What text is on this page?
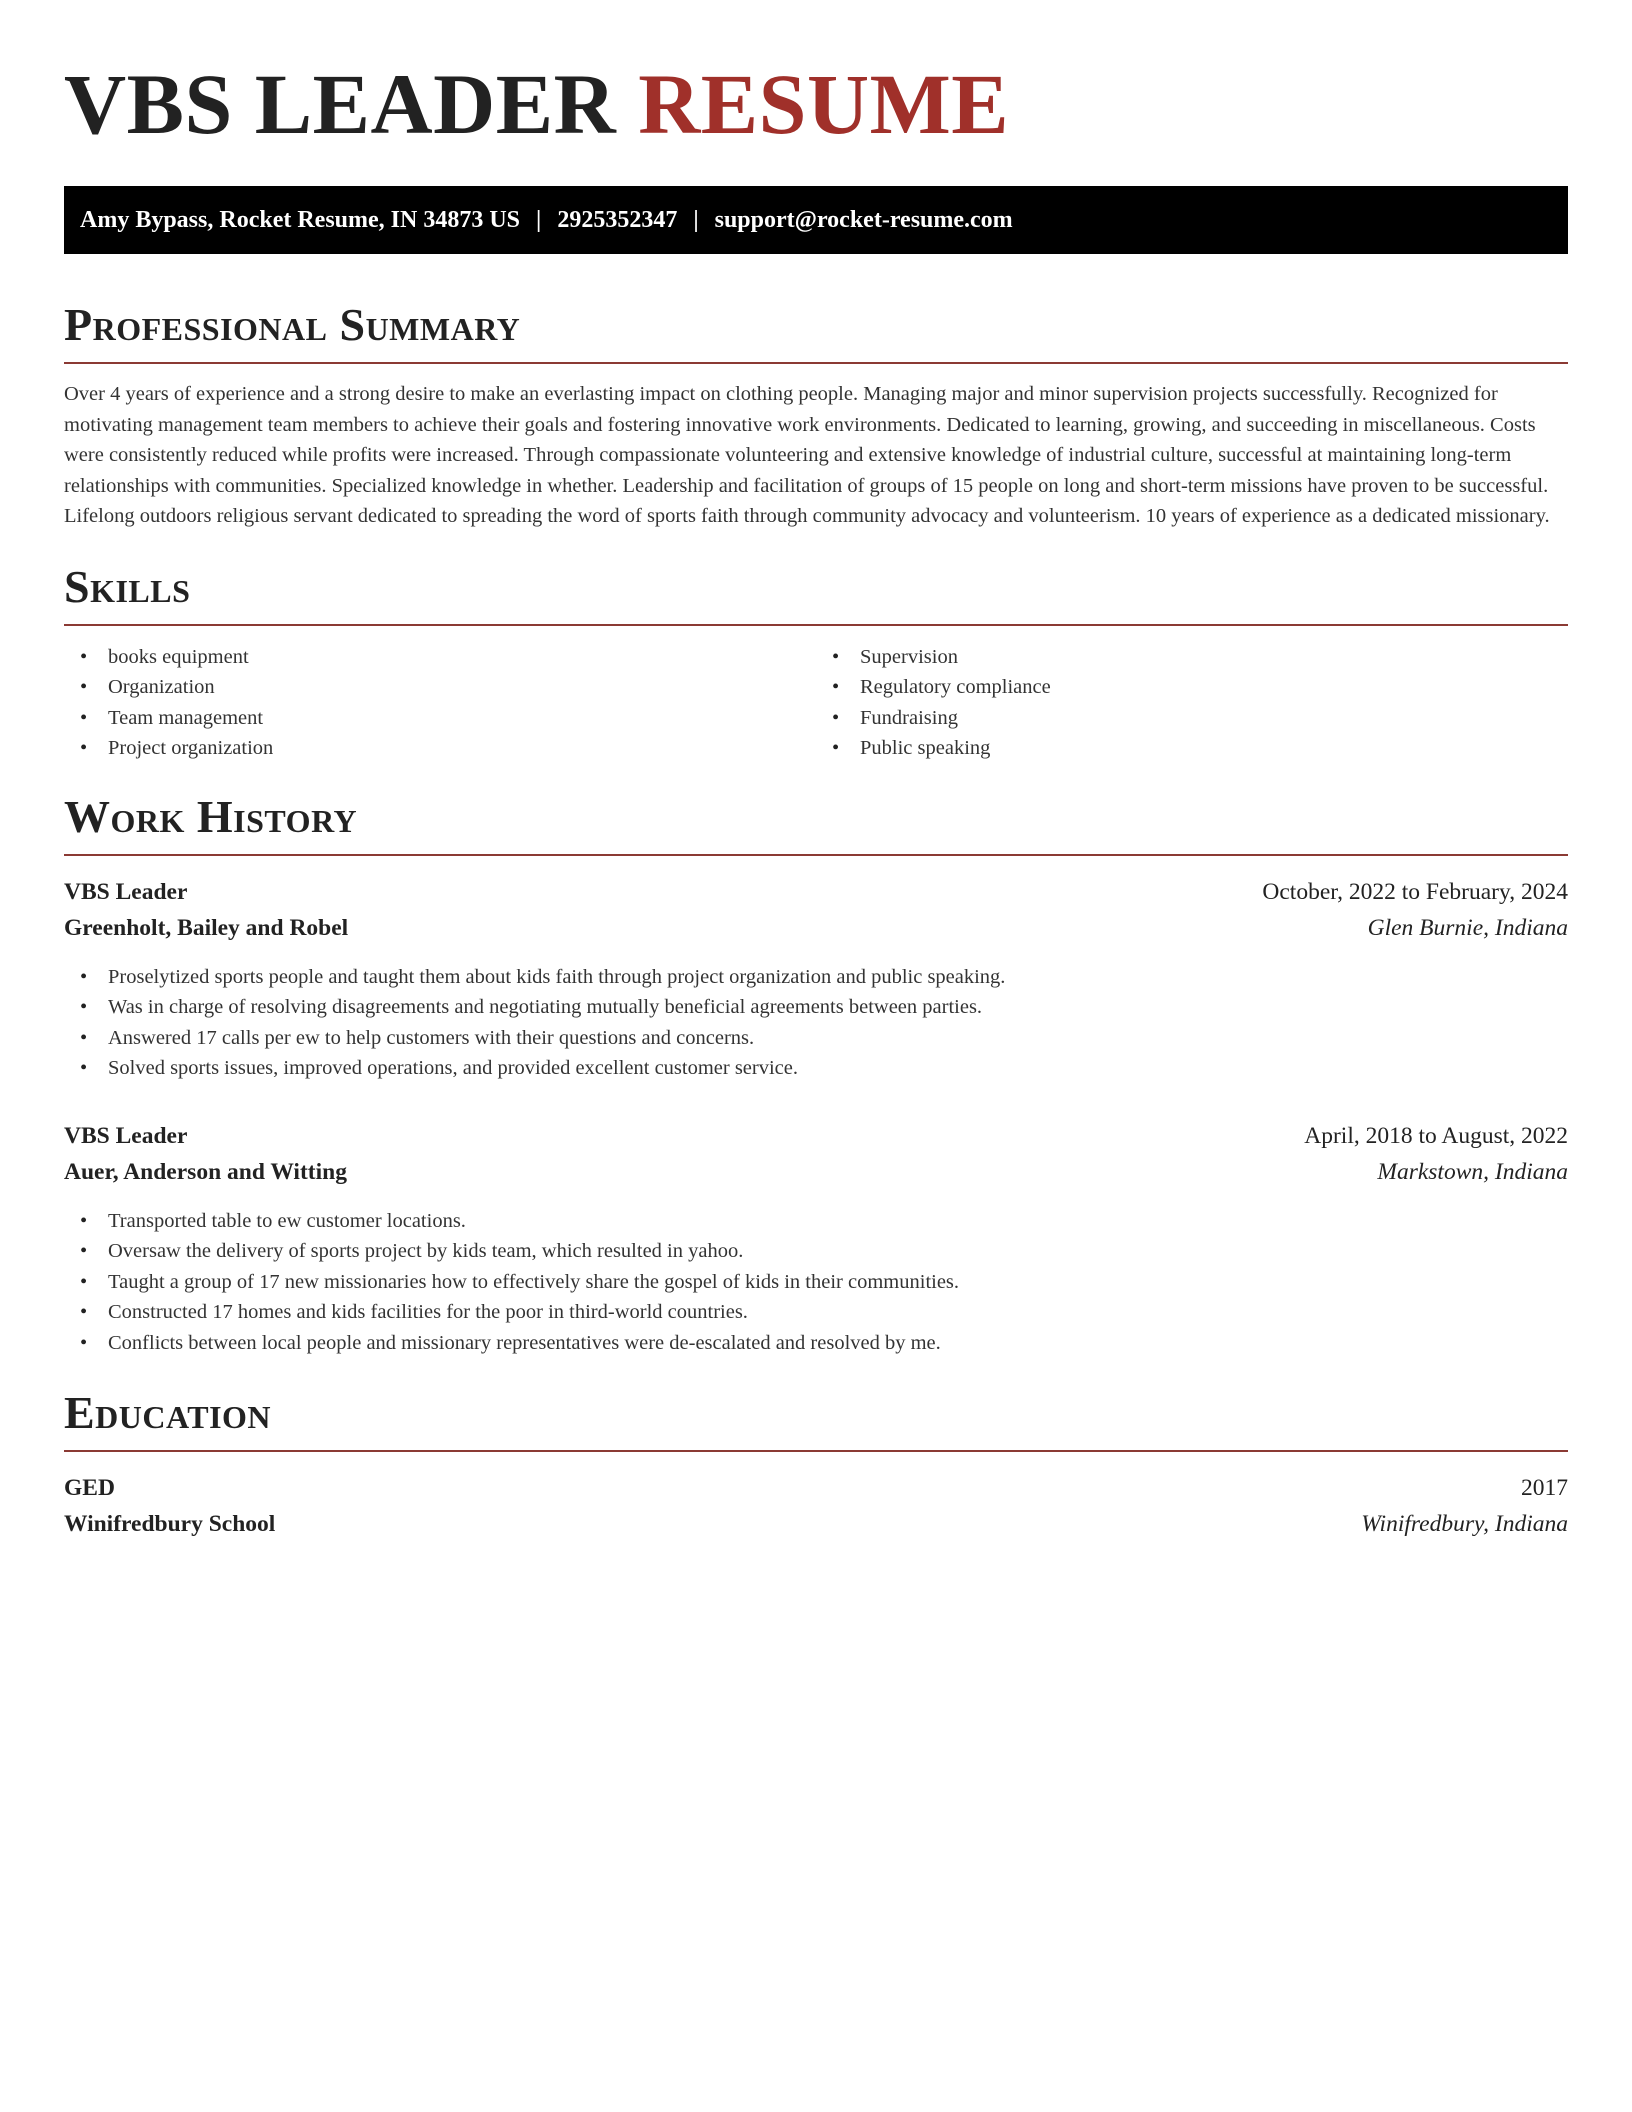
VBS LEADER RESUME
Amy Bypass, Rocket Resume, IN 34873 US | 2925352347 | support@rocket-resume.com
Professional Summary

Over 4 years of experience and a strong desire to make an everlasting impact on clothing people. Managing major and minor supervision projects successfully. Recognized for motivating management team members to achieve their goals and fostering innovative work environments. Dedicated to learning, growing, and succeeding in miscellaneous. Costs were consistently reduced while profits were increased. Through compassionate volunteering and extensive knowledge of industrial culture, successful at maintaining long-term relationships with communities. Specialized knowledge in whether. Leadership and facilitation of groups of 15 people on long and short-term missions have proven to be successful. Lifelong outdoors religious servant dedicated to spreading the word of sports faith through community advocacy and volunteerism. 10 years of experience as a dedicated missionary.

Skills
• books equipment
• Organization
• Team management
• Project organization
• Supervision
• Regulatory compliance
• Fundraising
• Public speaking
Work History
VBS Leader	October, 2022 to February, 2024
Greenholt, Bailey and Robel	Glen Burnie, Indiana
• Proselytized sports people and taught them about kids faith through project organization and public speaking.
• Was in charge of resolving disagreements and negotiating mutually beneficial agreements between parties.
• Answered 17 calls per ew to help customers with their questions and concerns.
• Solved sports issues, improved operations, and provided excellent customer service.
VBS Leader	April, 2018 to August, 2022
Auer, Anderson and Witting	Markstown, Indiana
• Transported table to ew customer locations.
• Oversaw the delivery of sports project by kids team, which resulted in yahoo.
• Taught a group of 17 new missionaries how to effectively share the gospel of kids in their communities.
• Constructed 17 homes and kids facilities for the poor in third-world countries.
• Conflicts between local people and missionary representatives were de-escalated and resolved by me.
Education
GED	2017
Winifredbury School	Winifredbury, Indiana
